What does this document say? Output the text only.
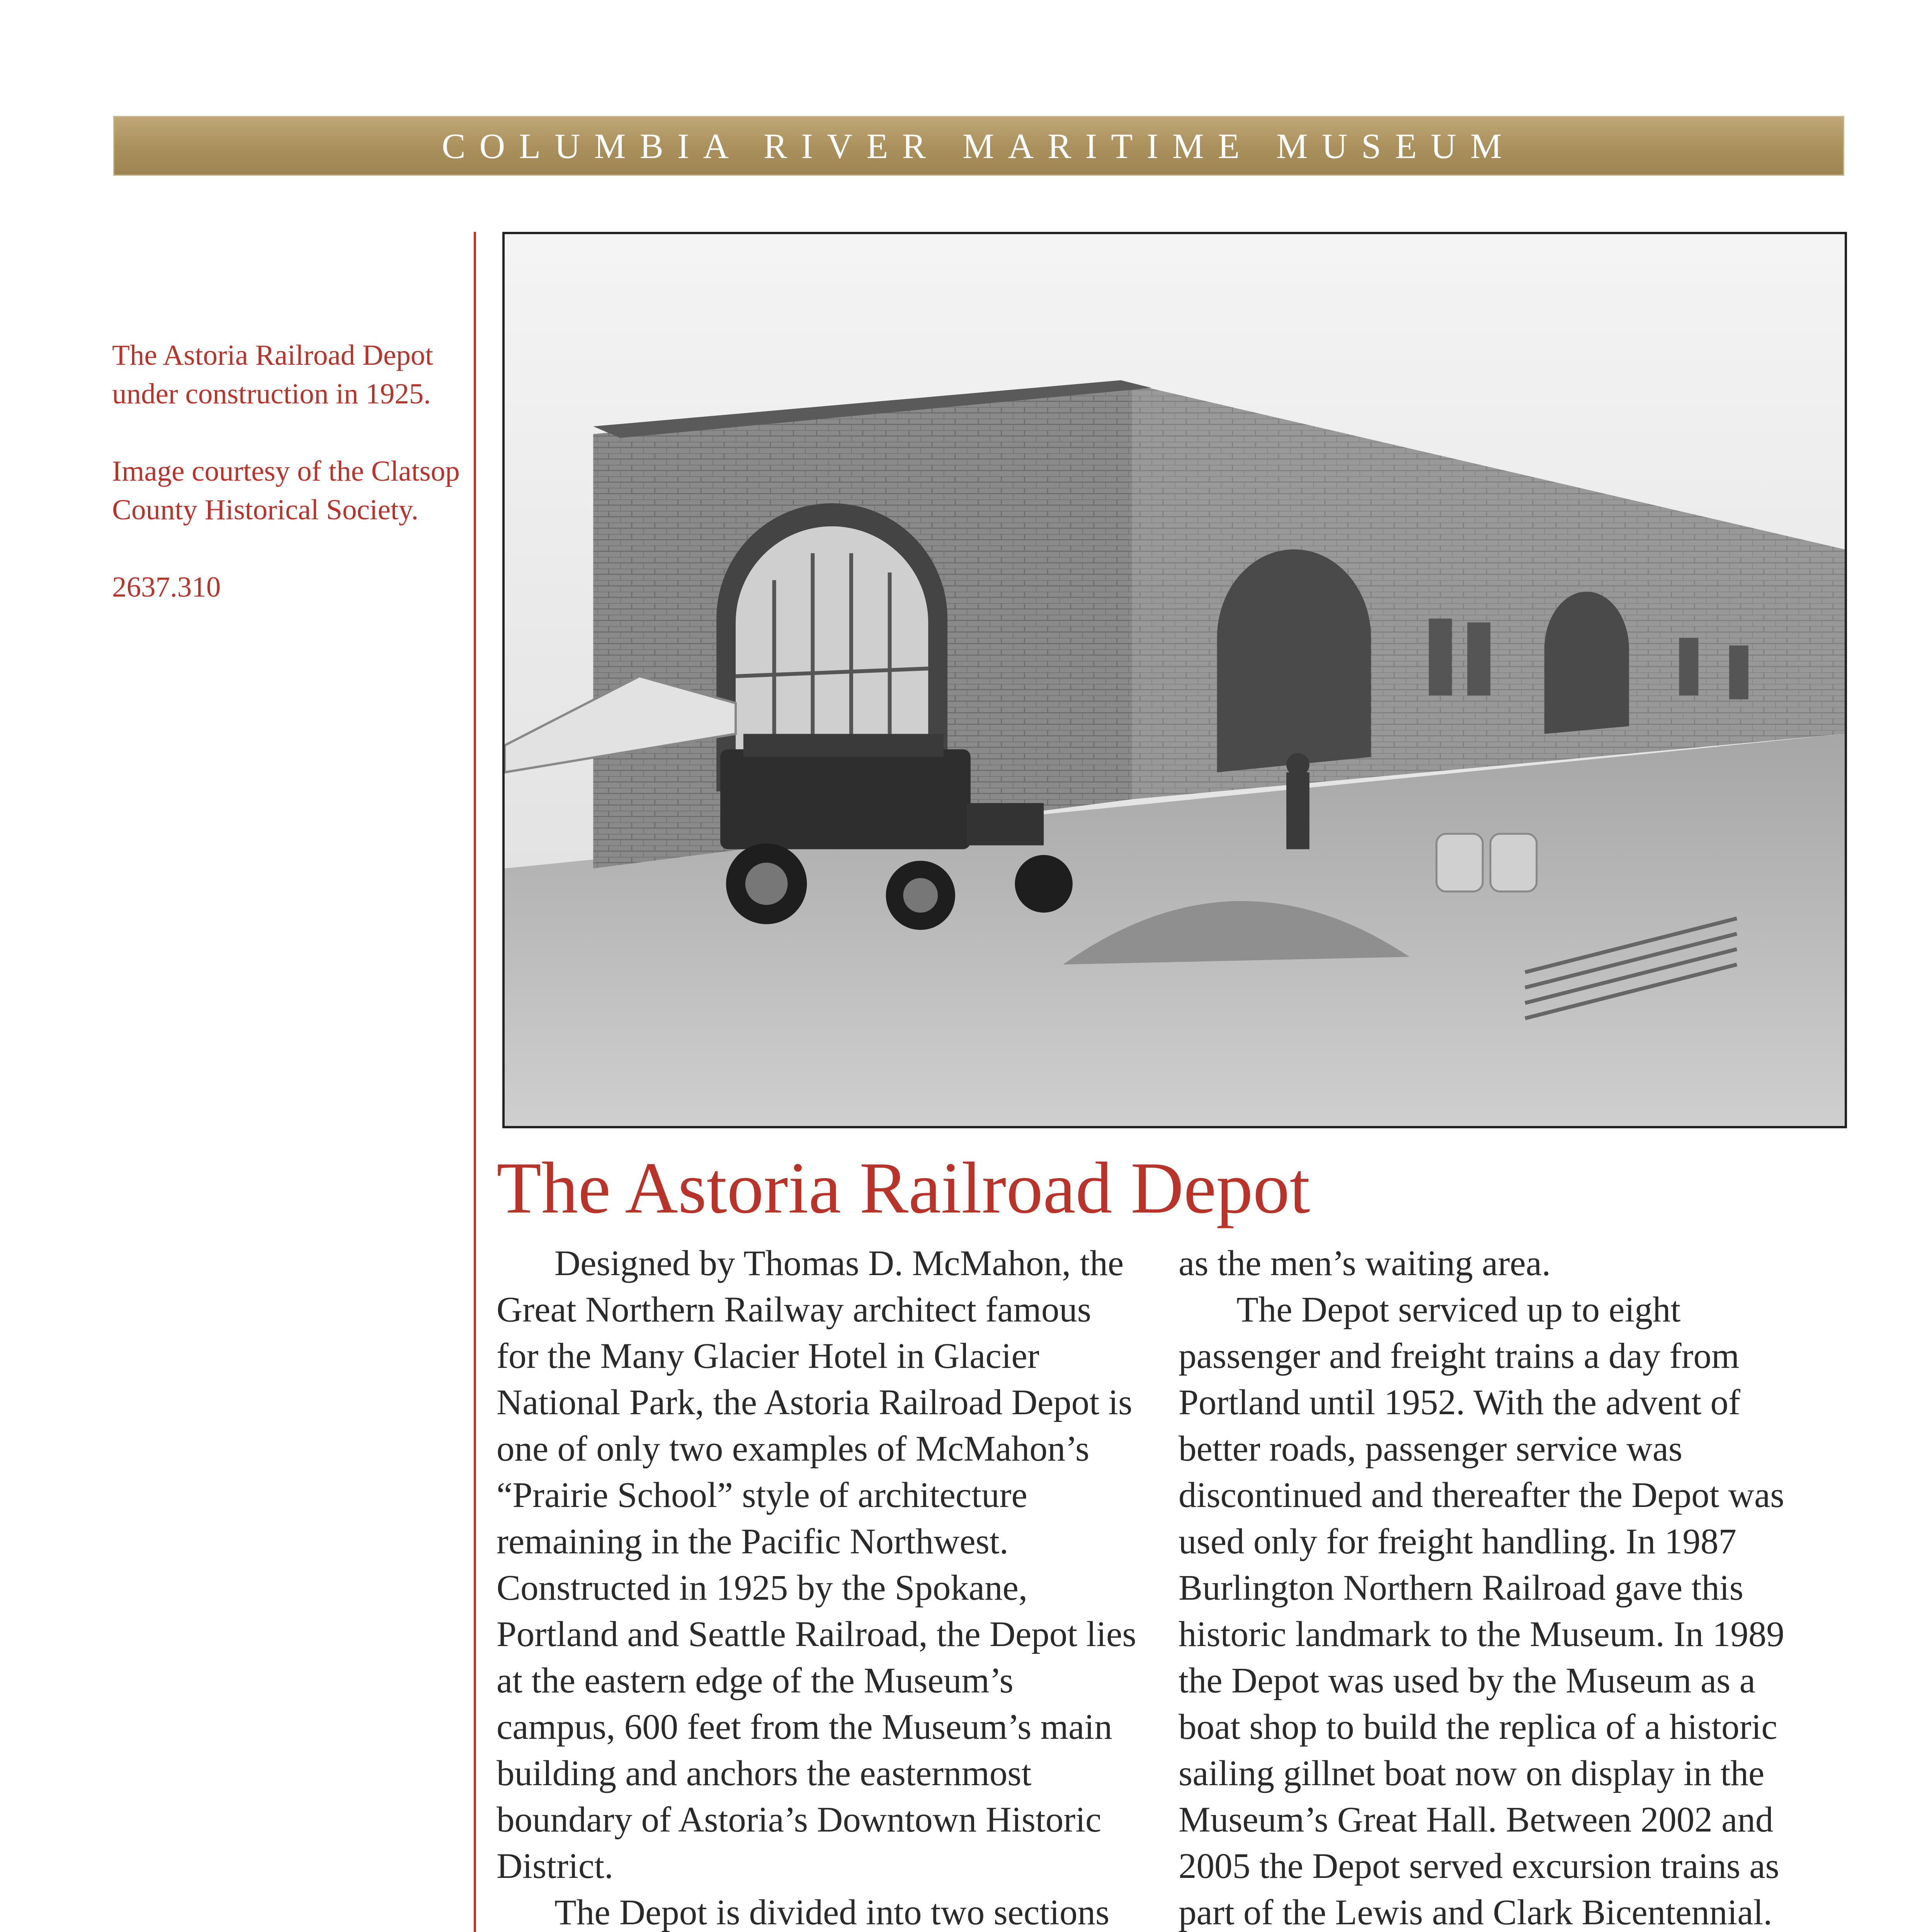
COLUMBIA RIVER MARITIME MUSEUM

The Astoria Railroad Depot under construction in 1925.

Image courtesy of the Clatsop County Historical Society.

2637.310

The Astoria Railroad Depot

Designed by Thomas D. McMahon, the Great Northern Railway architect famous for the Many Glacier Hotel in Glacier National Park, the Astoria Railroad Depot is one of only two examples of McMahon’s “Prairie School” style of architecture remaining in the Pacific Northwest. Constructed in 1925 by the Spokane, Portland and Seattle Railroad, the Depot lies at the eastern edge of the Museum’s campus, 600 feet from the Museum’s main building and anchors the easternmost boundary of Astoria’s Downtown Historic District.

The Depot is divided into two sections

as the men’s waiting area.

The Depot serviced up to eight passenger and freight trains a day from Portland until 1952. With the advent of better roads, passenger service was discontinued and thereafter the Depot was used only for freight handling. In 1987 Burlington Northern Railroad gave this historic landmark to the Museum. In 1989 the Depot was used by the Museum as a boat shop to build the replica of a historic sailing gillnet boat now on display in the Museum’s Great Hall. Between 2002 and 2005 the Depot served excursion trains as part of the Lewis and Clark Bicentennial.
